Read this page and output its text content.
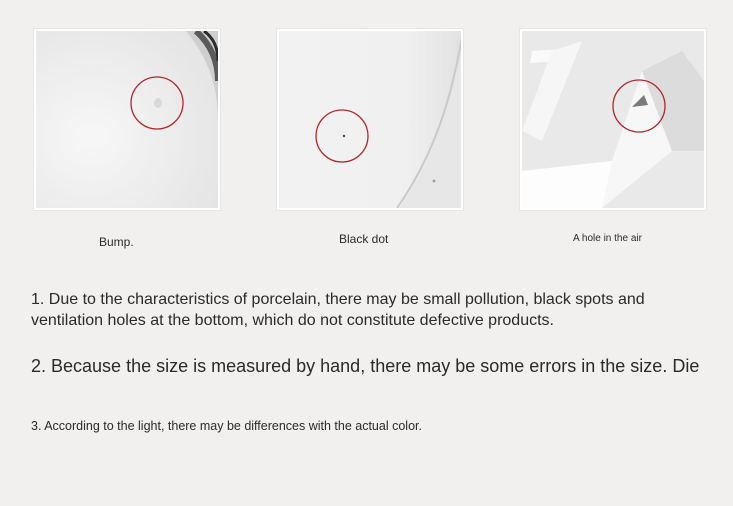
Bump.	Black dot	A hole in the air

1. Due to the characteristics of porcelain, there may be small pollution, black spots and ventilation holes at the bottom, which do not constitute defective products.

2. Because the size is measured by hand, there may be some errors in the size. Die

3. According to the light, there may be differences with the actual color.
